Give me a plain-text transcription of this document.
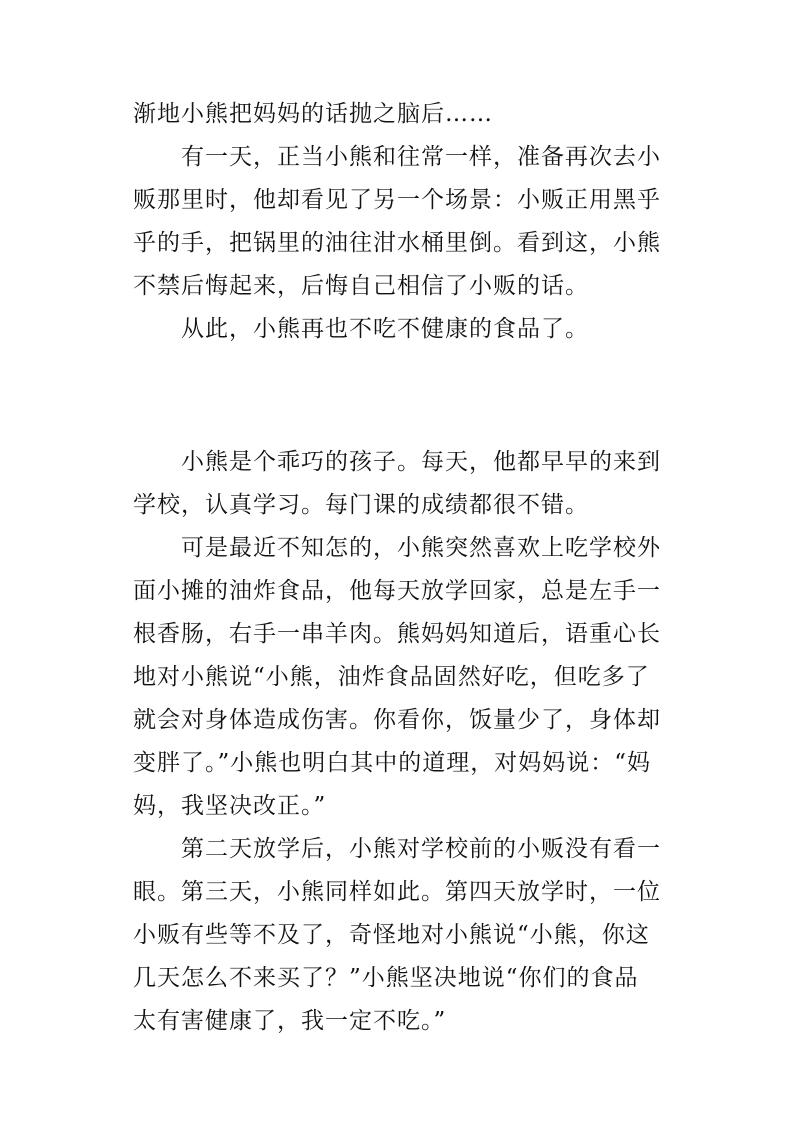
渐地小熊把妈妈的话抛之脑后……
有一天，正当小熊和往常一样，准备再次去小
贩那里时，他却看见了另一个场景：小贩正用黑乎
乎的手，把锅里的油往泔水桶里倒。看到这，小熊
不禁后悔起来，后悔自己相信了小贩的话。
从此，小熊再也不吃不健康的食品了。
小熊是个乖巧的孩子。每天，他都早早的来到
学校，认真学习。每门课的成绩都很不错。
可是最近不知怎的，小熊突然喜欢上吃学校外
面小摊的油炸食品，他每天放学回家，总是左手一
根香肠，右手一串羊肉。熊妈妈知道后，语重心长
地对小熊说“小熊，油炸食品固然好吃，但吃多了
就会对身体造成伤害。你看你，饭量少了，身体却
变胖了。”小熊也明白其中的道理，对妈妈说：“妈
妈，我坚决改正。”
第二天放学后，小熊对学校前的小贩没有看一
眼。第三天，小熊同样如此。第四天放学时，一位
小贩有些等不及了，奇怪地对小熊说“小熊，你这
几天怎么不来买了？”小熊坚决地说“你们的食品
太有害健康了，我一定不吃。”
